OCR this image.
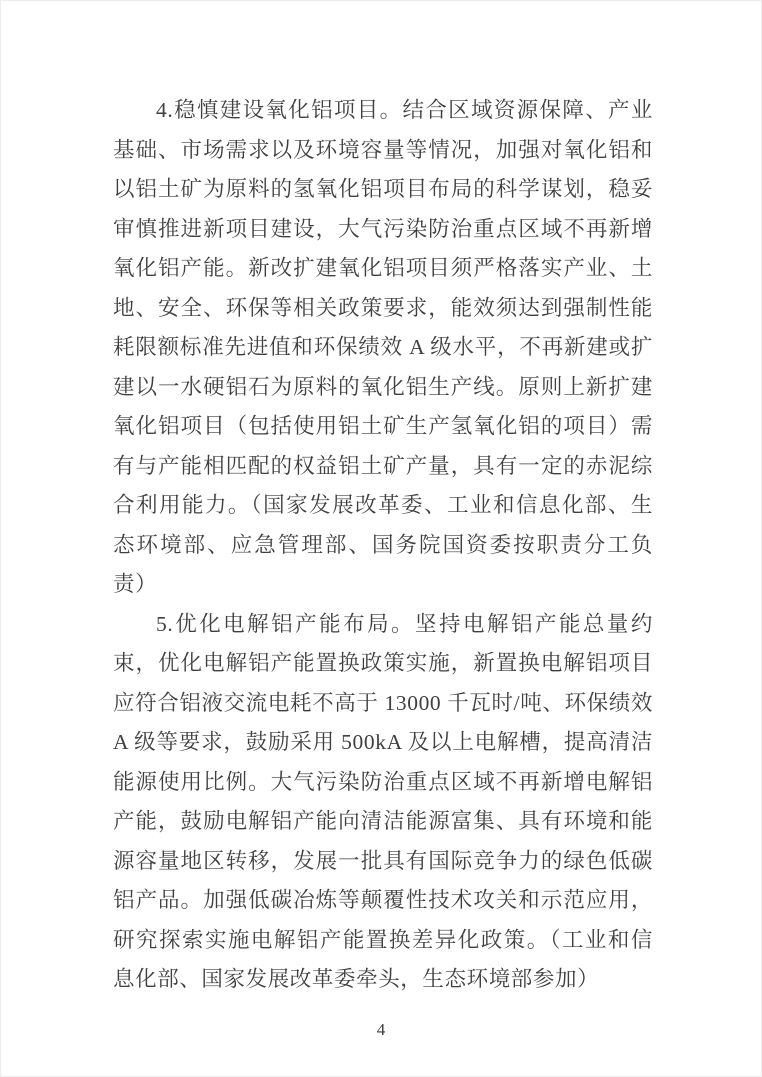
4.稳慎建设氧化铝项目。结合区域资源保障、产业基础、市场需求以及环境容量等情况，加强对氧化铝和以铝土矿为原料的氢氧化铝项目布局的科学谋划，稳妥审慎推进新项目建设，大气污染防治重点区域不再新增氧化铝产能。新改扩建氧化铝项目须严格落实产业、土地、安全、环保等相关政策要求，能效须达到强制性能耗限额标准先进值和环保绩效 A 级水平，不再新建或扩建以一水硬铝石为原料的氧化铝生产线。原则上新扩建氧化铝项目（包括使用铝土矿生产氢氧化铝的项目）需有与产能相匹配的权益铝土矿产量，具有一定的赤泥综合利用能力。（国家发展改革委、工业和信息化部、生态环境部、应急管理部、国务院国资委按职责分工负责）

5.优化电解铝产能布局。坚持电解铝产能总量约束，优化电解铝产能置换政策实施，新置换电解铝项目应符合铝液交流电耗不高于 13000 千瓦时/吨、环保绩效 A 级等要求，鼓励采用 500kA 及以上电解槽，提高清洁能源使用比例。大气污染防治重点区域不再新增电解铝产能，鼓励电解铝产能向清洁能源富集、具有环境和能源容量地区转移，发展一批具有国际竞争力的绿色低碳铝产品。加强低碳冶炼等颠覆性技术攻关和示范应用，研究探索实施电解铝产能置换差异化政策。（工业和信息化部、国家发展改革委牵头，生态环境部参加）

4
